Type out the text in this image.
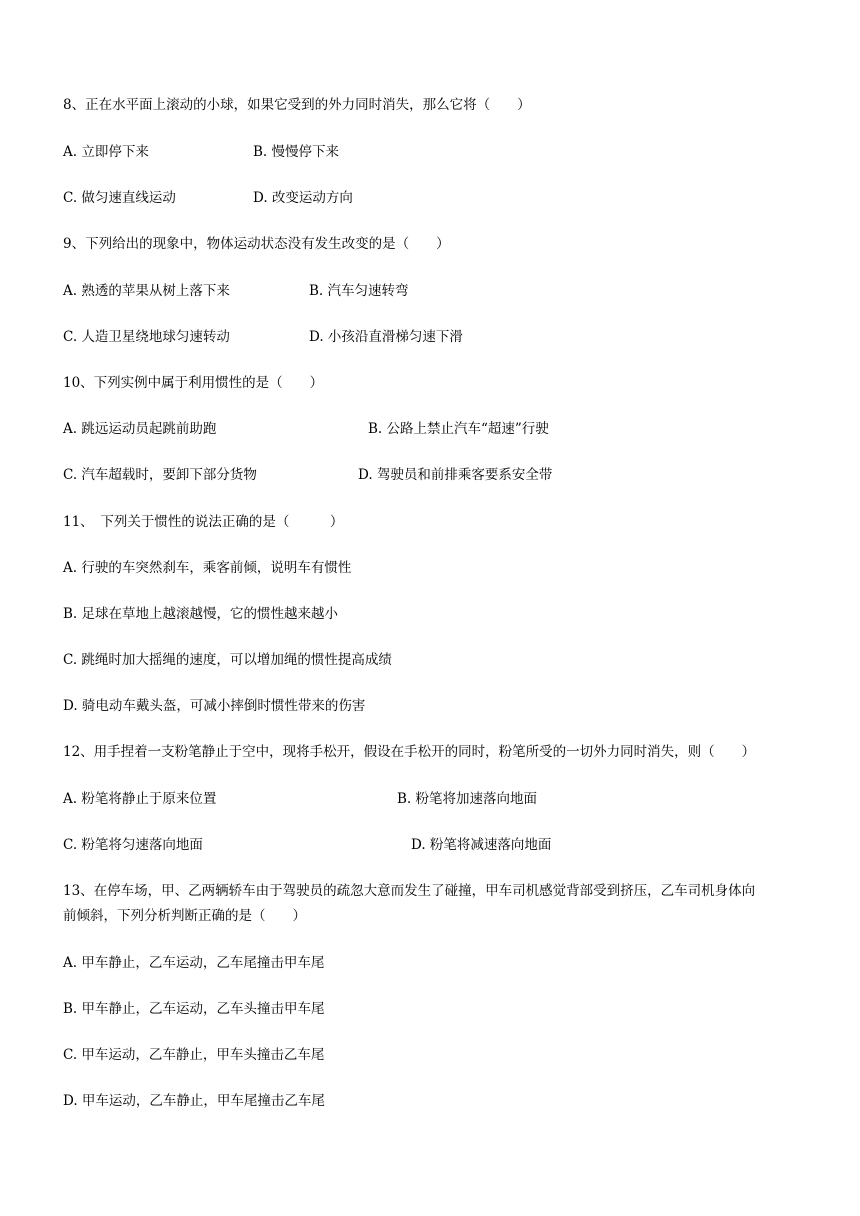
8、正在水平面上滚动的小球，如果它受到的外力同时消失，那么它将（　　）
A. 立即停下来	B. 慢慢停下来
C. 做匀速直线运动	D. 改变运动方向
9、下列给出的现象中，物体运动状态没有发生改变的是（　　）
A. 熟透的苹果从树上落下来	B. 汽车匀速转弯
C. 人造卫星绕地球匀速转动	D. 小孩沿直滑梯匀速下滑
10、下列实例中属于利用惯性的是（　　）
A. 跳远运动员起跳前助跑	B. 公路上禁止汽车“超速”行驶
C. 汽车超载时，要卸下部分货物	D. 驾驶员和前排乘客要系安全带
11、　下列关于惯性的说法正确的是（　　　）
A. 行驶的车突然刹车，乘客前倾，说明车有惯性
B. 足球在草地上越滚越慢，它的惯性越来越小
C. 跳绳时加大摇绳的速度，可以增加绳的惯性提高成绩
D. 骑电动车戴头盔，可减小摔倒时惯性带来的伤害
12、用手捏着一支粉笔静止于空中，现将手松开，假设在手松开的同时，粉笔所受的一切外力同时消失，则（　　）
A. 粉笔将静止于原来位置	B. 粉笔将加速落向地面
C. 粉笔将匀速落向地面	D. 粉笔将减速落向地面
13、在停车场，甲、乙两辆轿车由于驾驶员的疏忽大意而发生了碰撞，甲车司机感觉背部受到挤压，乙车司机身体向
前倾斜，下列分析判断正确的是（　　）
A. 甲车静止，乙车运动，乙车尾撞击甲车尾
B. 甲车静止，乙车运动，乙车头撞击甲车尾
C. 甲车运动，乙车静止，甲车头撞击乙车尾
D. 甲车运动，乙车静止，甲车尾撞击乙车尾
